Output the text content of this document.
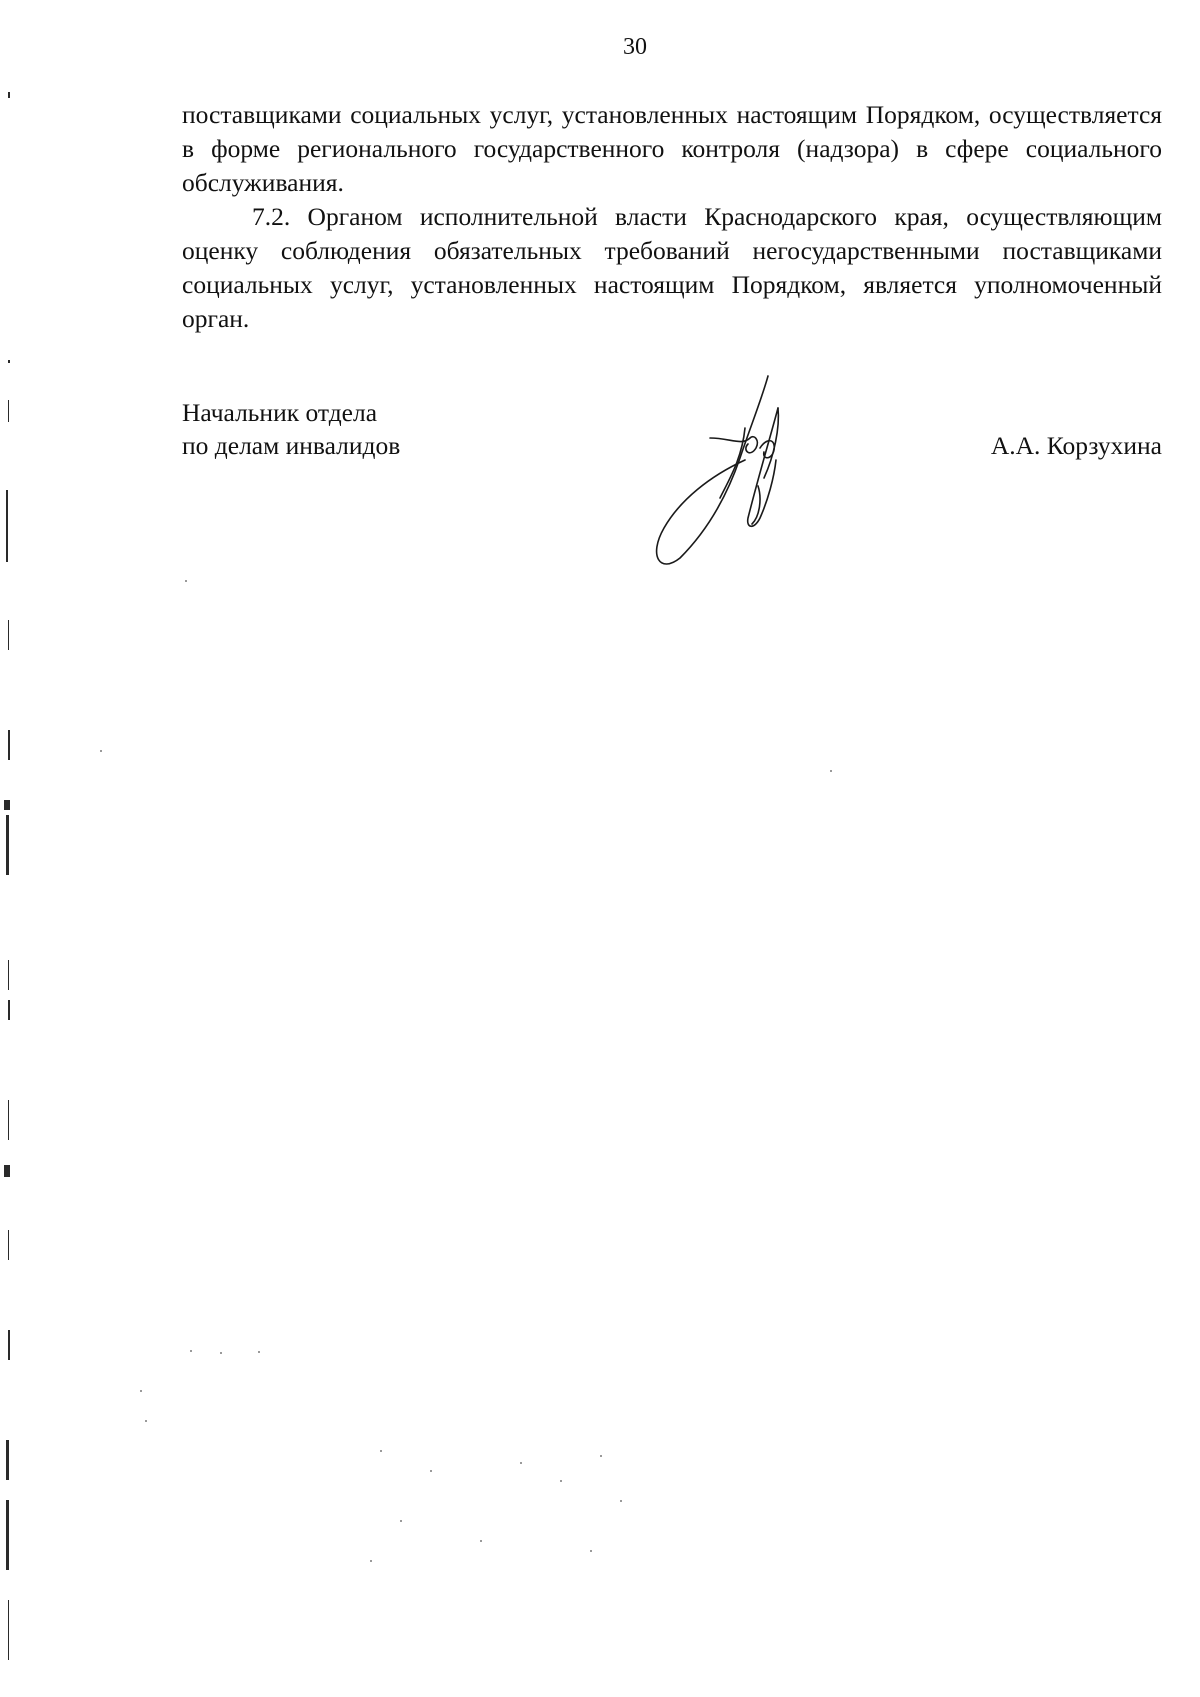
30

поставщиками социальных услуг, установленных настоящим Порядком, осуществляется в форме регионального государственного контроля (надзора) в сфере социального обслуживания.

7.2. Органом исполнительной власти Краснодарского края, осуществляющим оценку соблюдения обязательных требований негосударственными поставщиками социальных услуг, установленных настоящим Порядком, является уполномоченный орган.

Начальник отдела
по делам инвалидов	А.А. Корзухина
